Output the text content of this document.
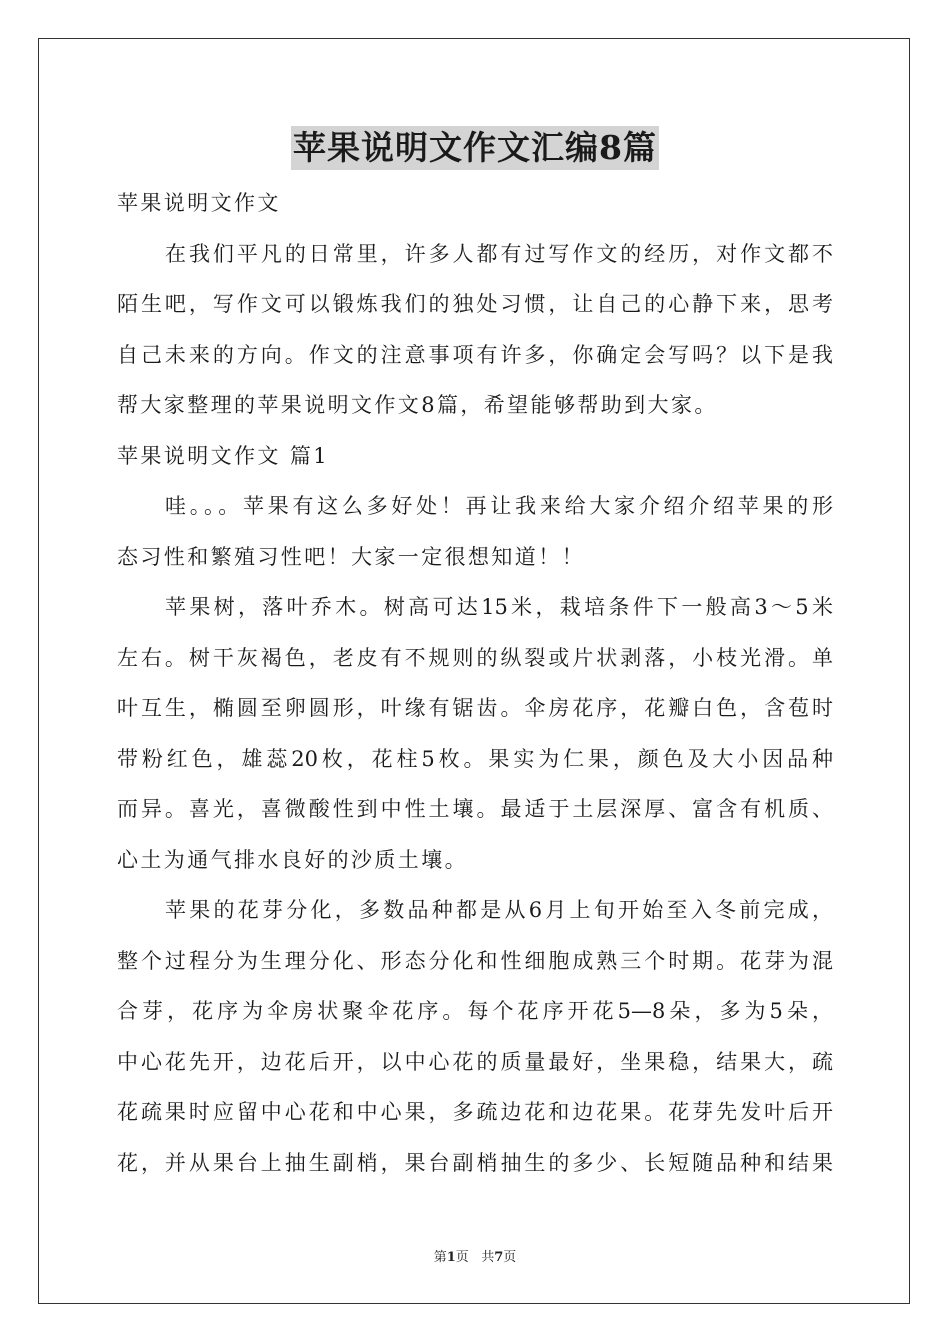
苹果说明文作文汇编8篇
苹果说明文作文
在我们平凡的日常里，许多人都有过写作文的经历，对作文都不
陌生吧，写作文可以锻炼我们的独处习惯，让自己的心静下来，思考
自己未来的方向。作文的注意事项有许多，你确定会写吗？以下是我
帮大家整理的苹果说明文作文8篇，希望能够帮助到大家。
苹果说明文作文 篇1
哇。。。苹果有这么多好处！再让我来给大家介绍介绍苹果的形
态习性和繁殖习性吧！大家一定很想知道！！
苹果树，落叶乔木。树高可达15米，栽培条件下一般高3～5米
左右。树干灰褐色，老皮有不规则的纵裂或片状剥落，小枝光滑。单
叶互生，椭圆至卵圆形，叶缘有锯齿。伞房花序，花瓣白色，含苞时
带粉红色，雄蕊20枚，花柱5枚。果实为仁果，颜色及大小因品种
而异。喜光，喜微酸性到中性土壤。最适于土层深厚、富含有机质、
心土为通气排水良好的沙质土壤。
苹果的花芽分化，多数品种都是从6月上旬开始至入冬前完成，
整个过程分为生理分化、形态分化和性细胞成熟三个时期。花芽为混
合芽，花序为伞房状聚伞花序。每个花序开花5—8朵，多为5朵，
中心花先开，边花后开，以中心花的质量最好，坐果稳，结果大，疏
花疏果时应留中心花和中心果，多疏边花和边花果。花芽先发叶后开
花，并从果台上抽生副梢，果台副梢抽生的多少、长短随品种和结果
第1页 共7页
